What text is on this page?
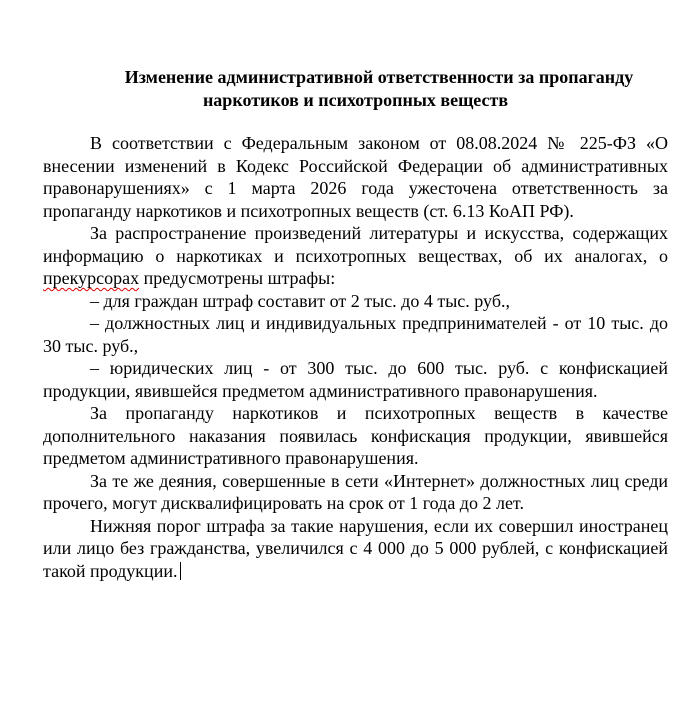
Изменение административной ответственности за пропаганду наркотиков и психотропных веществ

В соответствии с Федеральным законом от 08.08.2024 № 225-ФЗ «О внесении изменений в Кодекс Российской Федерации об административных правонарушениях» с 1 марта 2026 года ужесточена ответственность за пропаганду наркотиков и психотропных веществ (ст. 6.13 КоАП РФ).

За распространение произведений литературы и искусства, содержащих информацию о наркотиках и психотропных веществах, об их аналогах, о прекурсорах предусмотрены штрафы:

– для граждан штраф составит от 2 тыс. до 4 тыс. руб.,

– должностных лиц и индивидуальных предпринимателей - от 10 тыс. до 30 тыс. руб.,

– юридических лиц - от 300 тыс. до 600 тыс. руб. с конфискацией продукции, явившейся предметом административного правонарушения.

За пропаганду наркотиков и психотропных веществ в качестве дополнительного наказания появилась конфискация продукции, явившейся предметом административного правонарушения.

За те же деяния, совершенные в сети «Интернет» должностных лиц среди прочего, могут дисквалифицировать на срок от 1 года до 2 лет.

Нижняя порог штрафа за такие нарушения, если их совершил иностранец или лицо без гражданства, увеличился с 4 000 до 5 000 рублей, с конфискацией такой продукции.
